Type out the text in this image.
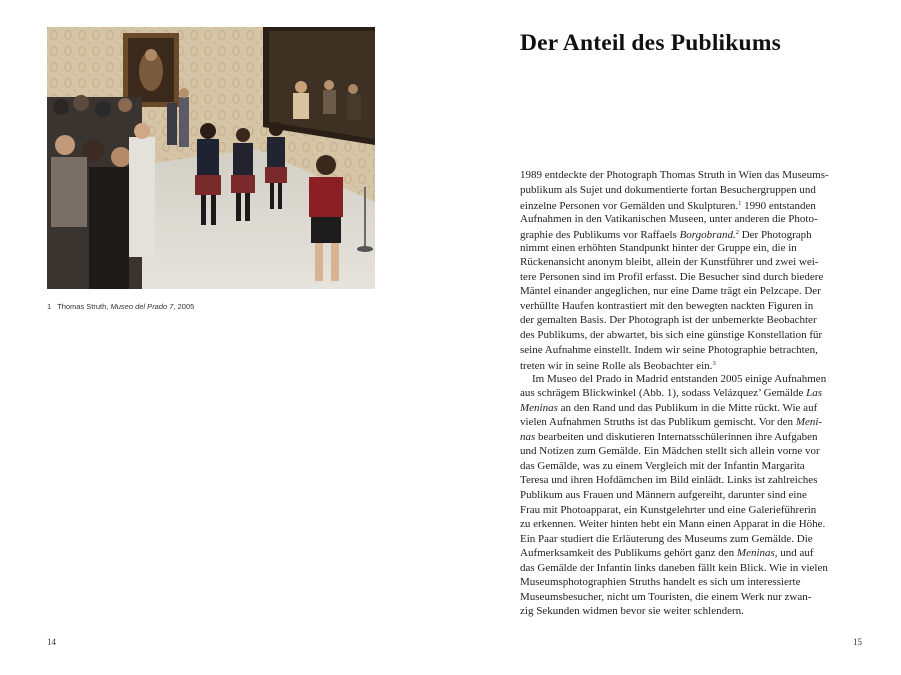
1 Thomas Struth, Museo del Prado 7, 2005
14
Der Anteil des Publikums

1989 entdeckte der Photograph Thomas Struth in Wien das Museums-
publikum als Sujet und dokumentierte fortan Besuchergruppen und
einzelne Personen vor Gemälden und Skulpturen.$^1$ 1990 entstanden
Aufnahmen in den Vatikanischen Museen, unter anderen die Photo-
graphie des Publikums vor Raffaels Borgobrand.$^2$ Der Photograph
nimmt einen erhöhten Standpunkt hinter der Gruppe ein, die in
Rückenansicht anonym bleibt, allein der Kunstführer und zwei wei-
tere Personen sind im Profil erfasst. Die Besucher sind durch biedere
Mäntel einander angeglichen, nur eine Dame trägt ein Pelzcape. Der
verhüllte Haufen kontrastiert mit den bewegten nackten Figuren in
der gemalten Basis. Der Photograph ist der unbemerkte Beobachter
des Publikums, der abwartet, bis sich eine günstige Konstellation für
seine Aufnahme einstellt. Indem wir seine Photographie betrachten,
treten wir in seine Rolle als Beobachter ein.$^3$

Im Museo del Prado in Madrid entstanden 2005 einige Aufnahmen
aus schrägem Blickwinkel (Abb. 1), sodass Velázquez’ Gemälde Las
Meninas an den Rand und das Publikum in die Mitte rückt. Wie auf
vielen Aufnahmen Struths ist das Publikum gemischt. Vor den Meni-
nas bearbeiten und diskutieren Internatsschülerinnen ihre Aufgaben
und Notizen zum Gemälde. Ein Mädchen stellt sich allein vorne vor
das Gemälde, was zu einem Vergleich mit der Infantin Margarita
Teresa und ihren Hofdämchen im Bild einlädt. Links ist zahlreiches
Publikum aus Frauen und Männern aufgereiht, darunter sind eine
Frau mit Photoapparat, ein Kunstgelehrter und eine Galerieführerin
zu erkennen. Weiter hinten hebt ein Mann einen Apparat in die Höhe.
Ein Paar studiert die Erläuterung des Museums zum Gemälde. Die
Aufmerksamkeit des Publikums gehört ganz den Meninas, und auf
das Gemälde der Infantin links daneben fällt kein Blick. Wie in vielen
Museumsphotographien Struths handelt es sich um interessierte
Museumsbesucher, nicht um Touristen, die einem Werk nur zwan-
zig Sekunden widmen bevor sie weiter schlendern.

15
